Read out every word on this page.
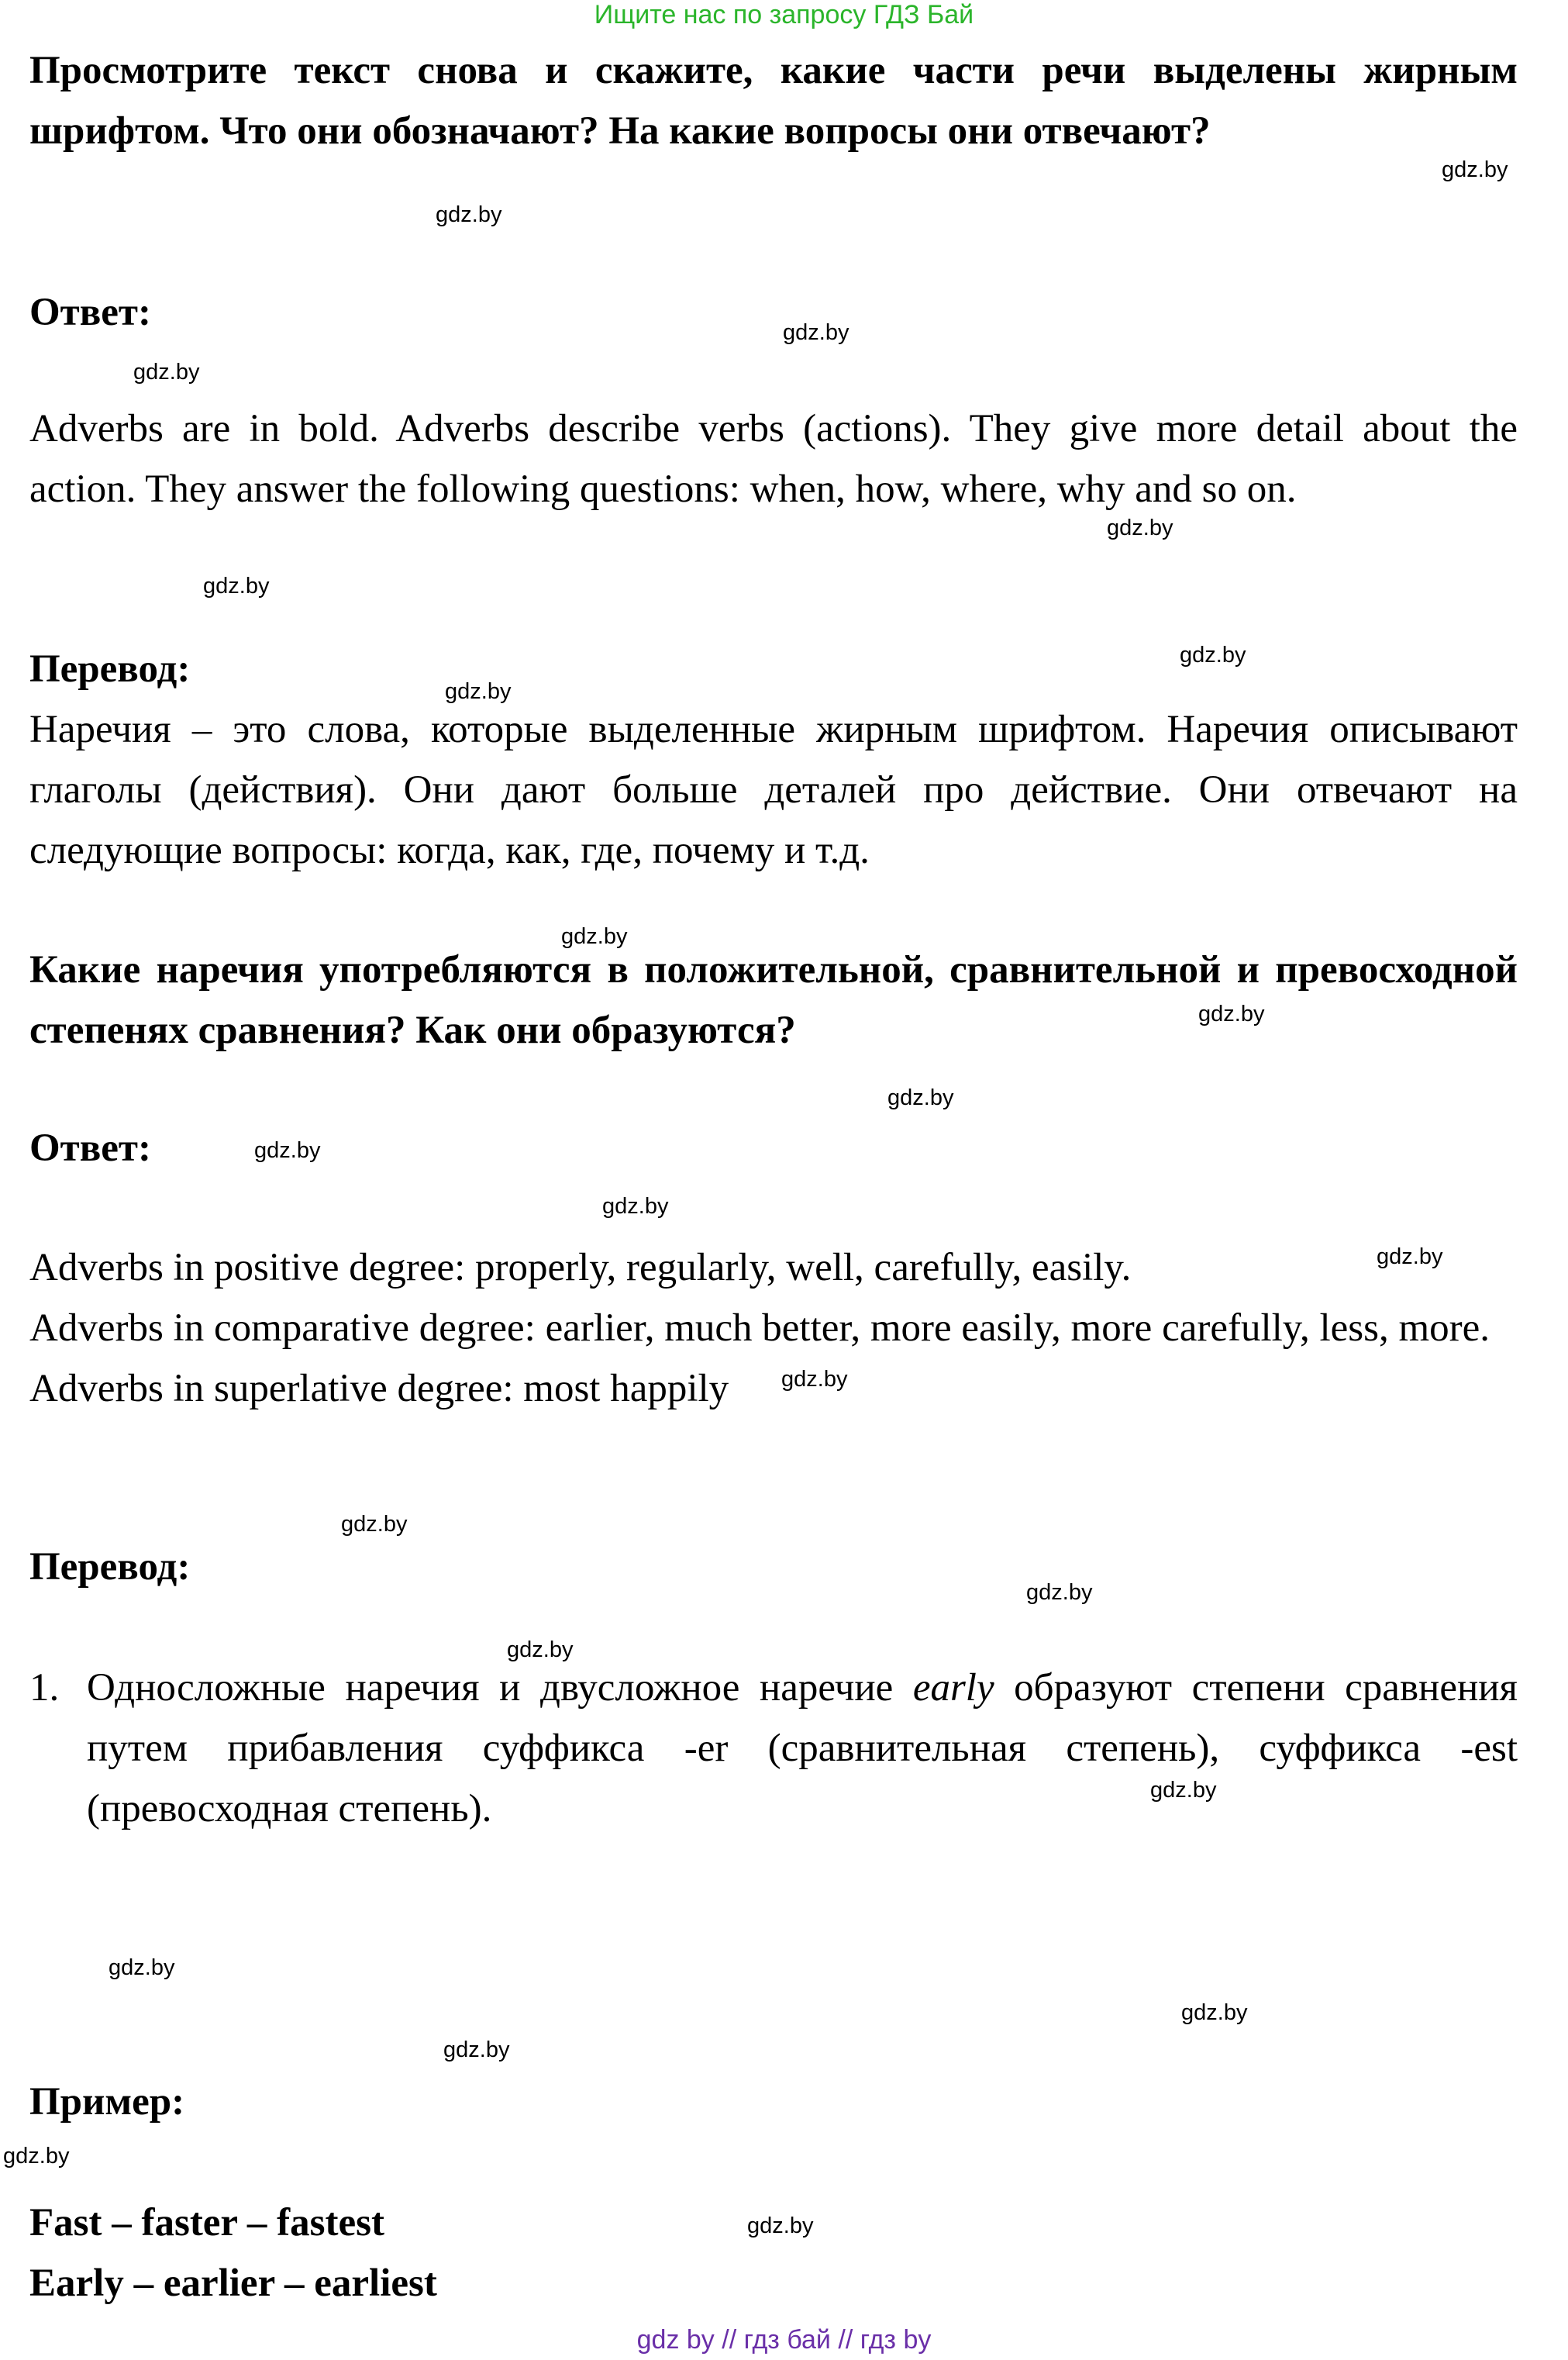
Ищите нас по запросу ГДЗ Бай

Просмотрите текст снова и скажите, какие части речи выделены жирным шрифтом. Что они обозначают? На какие вопросы они отвечают?

Ответ:

Adverbs are in bold. Adverbs describe verbs (actions). They give more detail about the action. They answer the following questions: when, how, where, why and so on.

Перевод:

Наречия – это слова, которые выделенные жирным шрифтом. Наречия описывают глаголы (действия). Они дают больше деталей про действие. Они отвечают на следующие вопросы: когда, как, где, почему и т.д.

Какие наречия употребляются в положительной, сравнительной и превосходной степенях сравнения? Как они образуются?

Ответ:

Adverbs in positive degree: properly, regularly, well, carefully, easily.
Adverbs in comparative degree: earlier, much better, more easily, more carefully, less, more.
Adverbs in superlative degree: most happily

Перевод:

1. Односложные наречия и двусложное наречие early образуют степени сравнения путем прибавления суффикса -er (сравнительная степень), суффикса -est (превосходная степень).

Пример:

Fast – faster – fastest
Early – earlier – earliest
gdz.by
gdz.by
gdz.by
gdz.by
gdz.by
gdz.by
gdz.by
gdz.by
gdz.by
gdz.by
gdz.by
gdz.by
gdz.by
gdz.by
gdz.by
gdz.by
gdz.by
gdz.by
gdz.by
gdz.by
gdz.by
gdz.by
gdz.by
gdz.by
gdz by // гдз бай // гдз by
